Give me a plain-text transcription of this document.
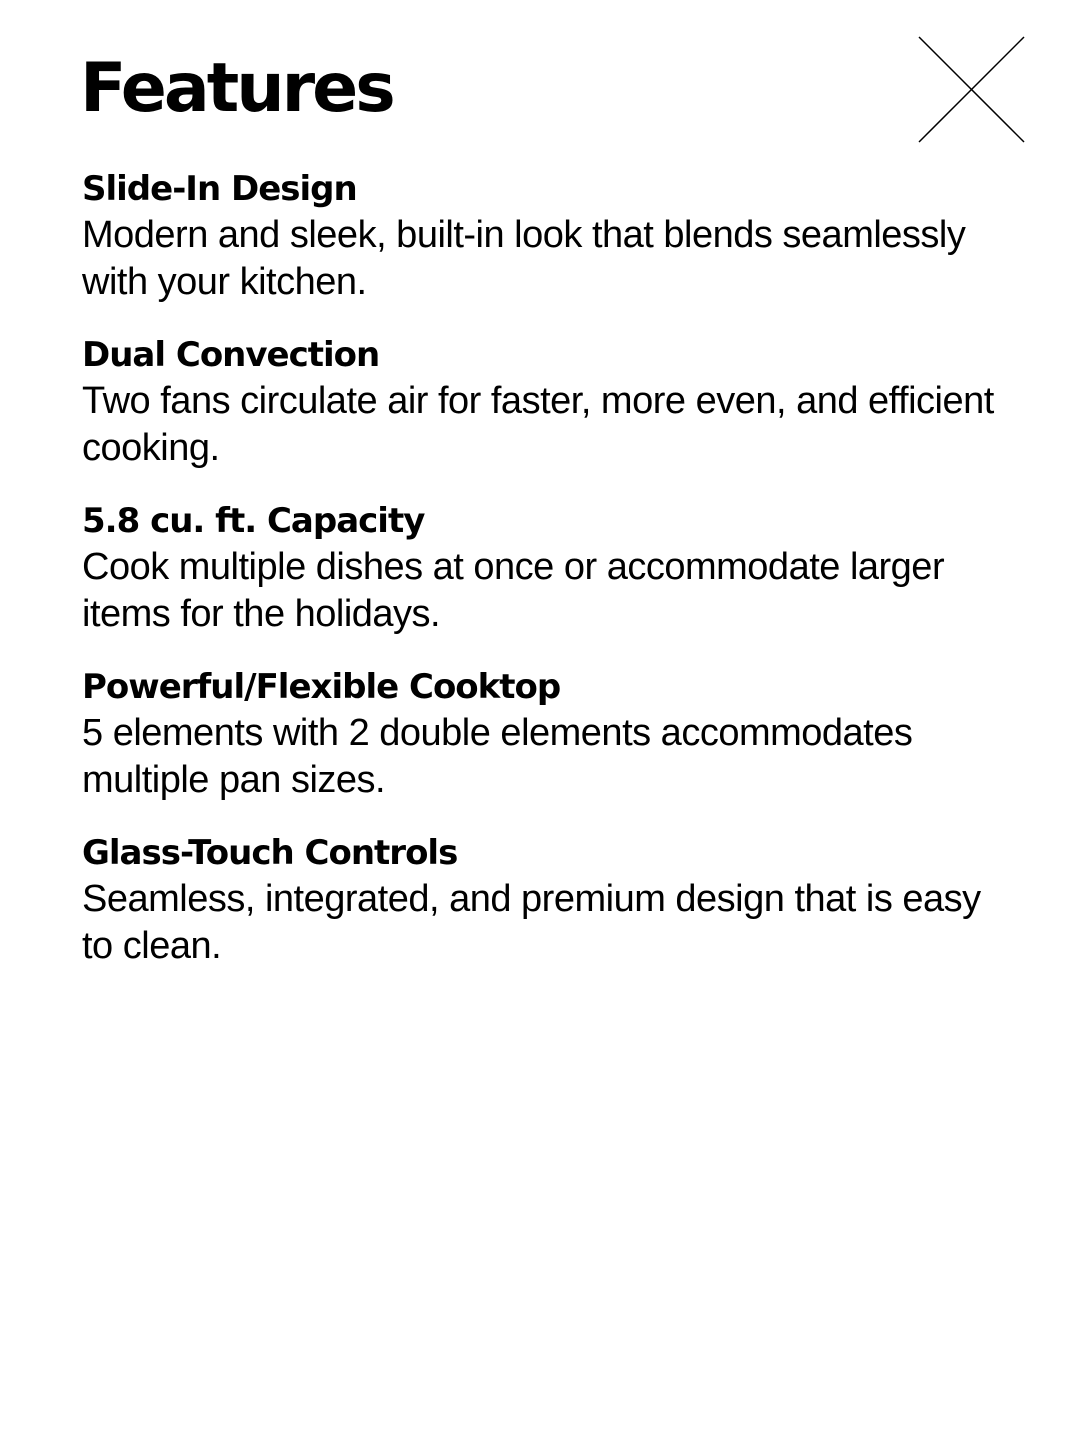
Features
Slide-In Design

Modern and sleek, built-in look that blends seamlessly with your kitchen.

Dual Convection

Two fans circulate air for faster, more even, and efficient cooking.

5.8 cu. ft. Capacity

Cook multiple dishes at once or accommodate larger items for the holidays.

Powerful/Flexible Cooktop

5 elements with 2 double elements accommodates multiple pan sizes.

Glass-Touch Controls

Seamless, integrated, and premium design that is easy to clean.
